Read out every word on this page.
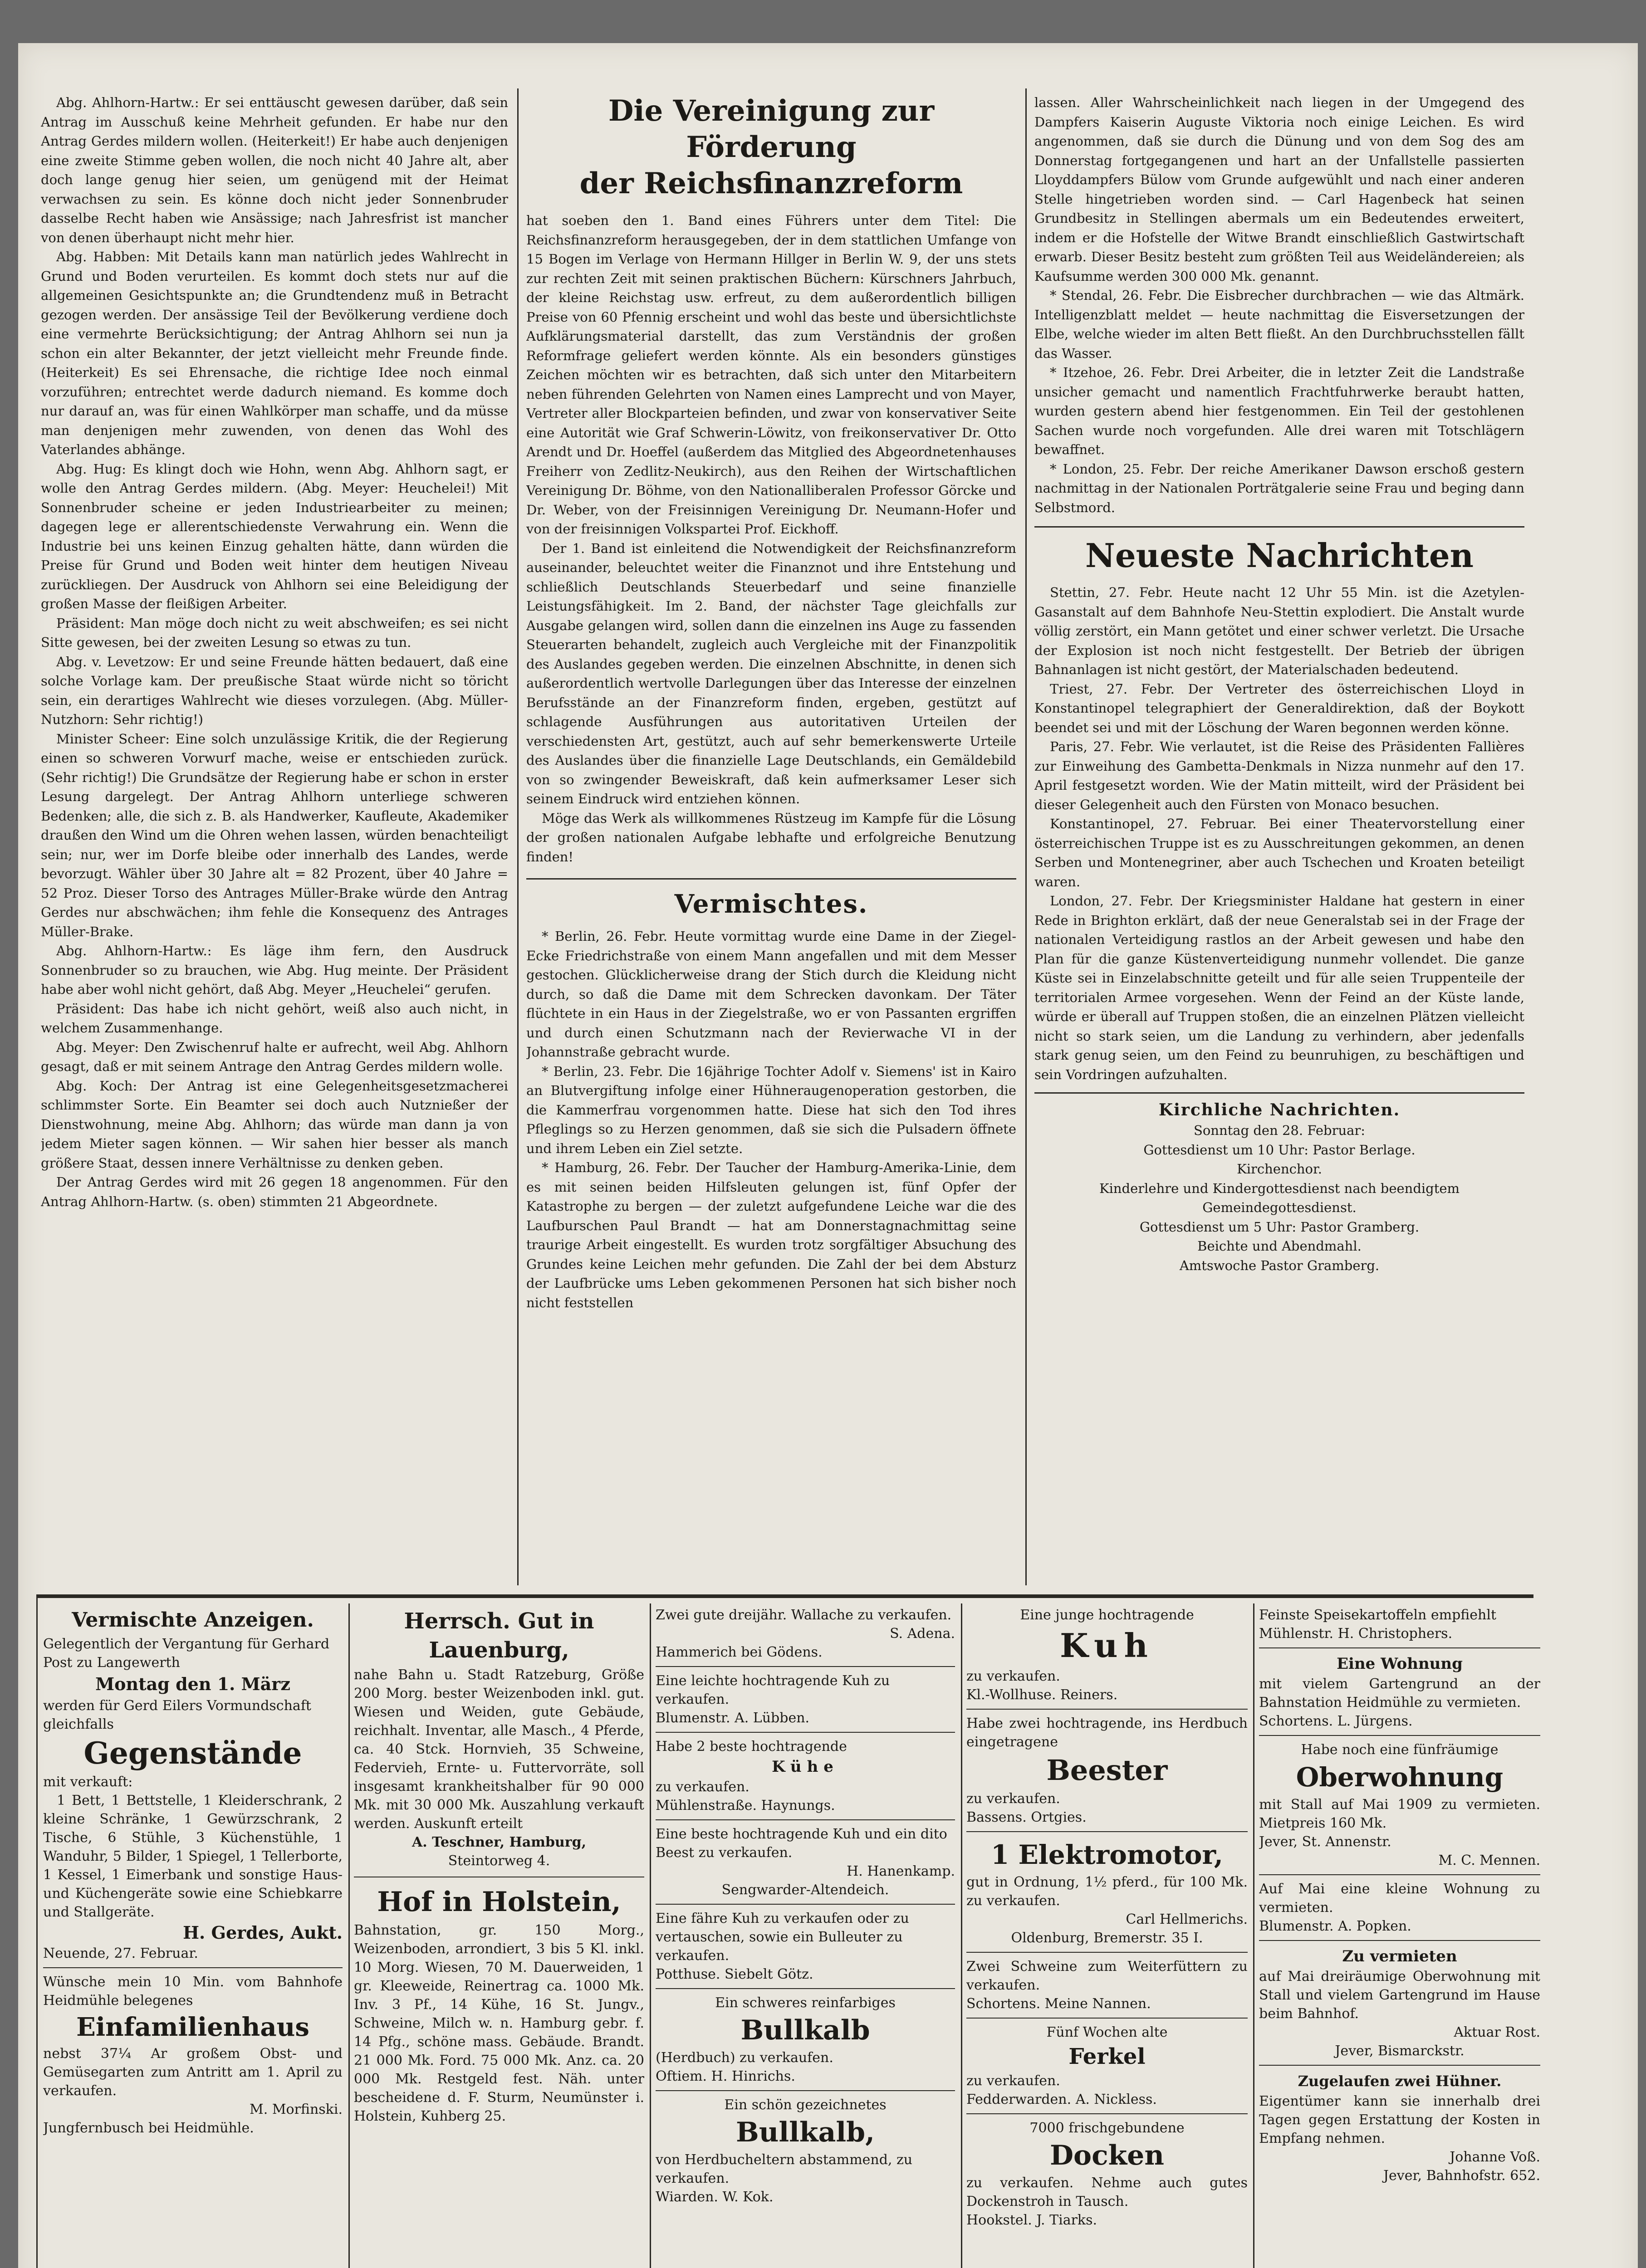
Abg. Ahlhorn-Hartw.: Er sei enttäuscht gewesen darüber, daß sein Antrag im Ausschuß keine Mehrheit gefunden. Er habe nur den Antrag Gerdes mildern wollen. (Heiterkeit!) Er habe auch denjenigen eine zweite Stimme geben wollen, die noch nicht 40 Jahre alt, aber doch lange genug hier seien, um genügend mit der Heimat verwachsen zu sein. Es könne doch nicht jeder Sonnenbruder dasselbe Recht haben wie Ansässige; nach Jahresfrist ist mancher von denen überhaupt nicht mehr hier.

Abg. Habben: Mit Details kann man natürlich jedes Wahlrecht in Grund und Boden verurteilen. Es kommt doch stets nur auf die allgemeinen Gesichtspunkte an; die Grundtendenz muß in Betracht gezogen werden. Der ansässige Teil der Bevölkerung verdiene doch eine vermehrte Berücksichtigung; der Antrag Ahlhorn sei nun ja schon ein alter Bekannter, der jetzt vielleicht mehr Freunde finde. (Heiterkeit) Es sei Ehrensache, die richtige Idee noch einmal vorzuführen; entrechtet werde dadurch niemand. Es komme doch nur darauf an, was für einen Wahlkörper man schaffe, und da müsse man denjenigen mehr zuwenden, von denen das Wohl des Vaterlandes abhänge.

Abg. Hug: Es klingt doch wie Hohn, wenn Abg. Ahlhorn sagt, er wolle den Antrag Gerdes mildern. (Abg. Meyer: Heuchelei!) Mit Sonnenbruder scheine er jeden Industriearbeiter zu meinen; dagegen lege er allerentschiedenste Verwahrung ein. Wenn die Industrie bei uns keinen Einzug gehalten hätte, dann würden die Preise für Grund und Boden weit hinter dem heutigen Niveau zurückliegen. Der Ausdruck von Ahlhorn sei eine Beleidigung der großen Masse der fleißigen Arbeiter.

Präsident: Man möge doch nicht zu weit abschweifen; es sei nicht Sitte gewesen, bei der zweiten Lesung so etwas zu tun.

Abg. v. Levetzow: Er und seine Freunde hätten bedauert, daß eine solche Vorlage kam. Der preußische Staat würde nicht so töricht sein, ein derartiges Wahlrecht wie dieses vorzulegen. (Abg. Müller-Nutzhorn: Sehr richtig!)

Minister Scheer: Eine solch unzulässige Kritik, die der Regierung einen so schweren Vorwurf mache, weise er entschieden zurück. (Sehr richtig!) Die Grundsätze der Regierung habe er schon in erster Lesung dargelegt. Der Antrag Ahlhorn unterliege schweren Bedenken; alle, die sich z. B. als Handwerker, Kaufleute, Akademiker draußen den Wind um die Ohren wehen lassen, würden benachteiligt sein; nur, wer im Dorfe bleibe oder innerhalb des Landes, werde bevorzugt. Wähler über 30 Jahre alt = 82 Prozent, über 40 Jahre = 52 Proz. Dieser Torso des Antrages Müller-Brake würde den Antrag Gerdes nur abschwächen; ihm fehle die Konsequenz des Antrages Müller-Brake.

Abg. Ahlhorn-Hartw.: Es läge ihm fern, den Ausdruck Sonnenbruder so zu brauchen, wie Abg. Hug meinte. Der Präsident habe aber wohl nicht gehört, daß Abg. Meyer „Heuchelei“ gerufen.

Präsident: Das habe ich nicht gehört, weiß also auch nicht, in welchem Zusammenhange.

Abg. Meyer: Den Zwischenruf halte er aufrecht, weil Abg. Ahlhorn gesagt, daß er mit seinem Antrage den Antrag Gerdes mildern wolle.

Abg. Koch: Der Antrag ist eine Gelegenheitsgesetzmacherei schlimmster Sorte. Ein Beamter sei doch auch Nutznießer der Dienstwohnung, meine Abg. Ahlhorn; das würde man dann ja von jedem Mieter sagen können. — Wir sahen hier besser als manch größere Staat, dessen innere Verhältnisse zu denken geben.

Der Antrag Gerdes wird mit 26 gegen 18 angenommen. Für den Antrag Ahlhorn-Hartw. (s. oben) stimmten 21 Abgeordnete.

Die Vereinigung zur Förderung

der Reichsfinanzreform

hat soeben den 1. Band eines Führers unter dem Titel: Die Reichsfinanzreform herausgegeben, der in dem stattlichen Umfange von 15 Bogen im Verlage von Hermann Hillger in Berlin W. 9, der uns stets zur rechten Zeit mit seinen praktischen Büchern: Kürschners Jahrbuch, der kleine Reichstag usw. erfreut, zu dem außerordentlich billigen Preise von 60 Pfennig erscheint und wohl das beste und übersichtlichste Aufklärungsmaterial darstellt, das zum Verständnis der großen Reformfrage geliefert werden könnte. Als ein besonders günstiges Zeichen möchten wir es betrachten, daß sich unter den Mitarbeitern neben führenden Gelehrten von Namen eines Lamprecht und von Mayer, Vertreter aller Blockparteien befinden, und zwar von konservativer Seite eine Autorität wie Graf Schwerin-Löwitz, von freikonservativer Dr. Otto Arendt und Dr. Hoeffel (außerdem das Mitglied des Abgeordnetenhauses Freiherr von Zedlitz-Neukirch), aus den Reihen der Wirtschaftlichen Vereinigung Dr. Böhme, von den Nationalliberalen Professor Görcke und Dr. Weber, von der Freisinnigen Vereinigung Dr. Neumann-Hofer und von der freisinnigen Volkspartei Prof. Eickhoff.

Der 1. Band ist einleitend die Notwendigkeit der Reichsfinanzreform auseinander, beleuchtet weiter die Finanznot und ihre Entstehung und schließlich Deutschlands Steuerbedarf und seine finanzielle Leistungsfähigkeit. Im 2. Band, der nächster Tage gleichfalls zur Ausgabe gelangen wird, sollen dann die einzelnen ins Auge zu fassenden Steuerarten behandelt, zugleich auch Vergleiche mit der Finanzpolitik des Auslandes gegeben werden. Die einzelnen Abschnitte, in denen sich außerordentlich wertvolle Darlegungen über das Interesse der einzelnen Berufsstände an der Finanzreform finden, ergeben, gestützt auf schlagende Ausführungen aus autoritativen Urteilen der verschiedensten Art, gestützt, auch auf sehr bemerkenswerte Urteile des Auslandes über die finanzielle Lage Deutschlands, ein Gemäldebild von so zwingender Beweiskraft, daß kein aufmerksamer Leser sich seinem Eindruck wird entziehen können.

Möge das Werk als willkommenes Rüstzeug im Kampfe für die Lösung der großen nationalen Aufgabe lebhafte und erfolgreiche Benutzung finden!

Vermischtes.

* Berlin, 26. Febr. Heute vormittag wurde eine Dame in der Ziegel- Ecke Friedrichstraße von einem Mann angefallen und mit dem Messer gestochen. Glücklicherweise drang der Stich durch die Kleidung nicht durch, so daß die Dame mit dem Schrecken davonkam. Der Täter flüchtete in ein Haus in der Ziegelstraße, wo er von Passanten ergriffen und durch einen Schutzmann nach der Revierwache VI in der Johannstraße gebracht wurde.

* Berlin, 23. Febr. Die 16jährige Tochter Adolf v. Siemens' ist in Kairo an Blutvergiftung infolge einer Hühneraugenoperation gestorben, die die Kammerfrau vorgenommen hatte. Diese hat sich den Tod ihres Pfleglings so zu Herzen genommen, daß sie sich die Pulsadern öffnete und ihrem Leben ein Ziel setzte.

* Hamburg, 26. Febr. Der Taucher der Hamburg-Amerika-Linie, dem es mit seinen beiden Hilfsleuten gelungen ist, fünf Opfer der Katastrophe zu bergen — der zuletzt aufgefundene Leiche war die des Laufburschen Paul Brandt — hat am Donnerstagnachmittag seine traurige Arbeit eingestellt. Es wurden trotz sorgfältiger Absuchung des Grundes keine Leichen mehr gefunden. Die Zahl der bei dem Absturz der Laufbrücke ums Leben gekommenen Personen hat sich bisher noch nicht feststellen

lassen. Aller Wahrscheinlichkeit nach liegen in der Umgegend des Dampfers Kaiserin Auguste Viktoria noch einige Leichen. Es wird angenommen, daß sie durch die Dünung und von dem Sog des am Donnerstag fortgegangenen und hart an der Unfallstelle passierten Lloyddampfers Bülow vom Grunde aufgewühlt und nach einer anderen Stelle hingetrieben worden sind. — Carl Hagenbeck hat seinen Grundbesitz in Stellingen abermals um ein Bedeutendes erweitert, indem er die Hofstelle der Witwe Brandt einschließlich Gastwirtschaft erwarb. Dieser Besitz besteht zum größten Teil aus Weideländereien; als Kaufsumme werden 300 000 Mk. genannt.

* Stendal, 26. Febr. Die Eisbrecher durchbrachen — wie das Altmärk. Intelligenzblatt meldet — heute nachmittag die Eisversetzungen der Elbe, welche wieder im alten Bett fließt. An den Durchbruchsstellen fällt das Wasser.

* Itzehoe, 26. Febr. Drei Arbeiter, die in letzter Zeit die Landstraße unsicher gemacht und namentlich Frachtfuhrwerke beraubt hatten, wurden gestern abend hier festgenommen. Ein Teil der gestohlenen Sachen wurde noch vorgefunden. Alle drei waren mit Totschlägern bewaffnet.

* London, 25. Febr. Der reiche Amerikaner Dawson erschoß gestern nachmittag in der Nationalen Porträtgalerie seine Frau und beging dann Selbstmord.

Neueste Nachrichten

Stettin, 27. Febr. Heute nacht 12 Uhr 55 Min. ist die Azetylen-Gasanstalt auf dem Bahnhofe Neu-Stettin explodiert. Die Anstalt wurde völlig zerstört, ein Mann getötet und einer schwer verletzt. Die Ursache der Explosion ist noch nicht festgestellt. Der Betrieb der übrigen Bahnanlagen ist nicht gestört, der Materialschaden bedeutend.

Triest, 27. Febr. Der Vertreter des österreichischen Lloyd in Konstantinopel telegraphiert der Generaldirektion, daß der Boykott beendet sei und mit der Löschung der Waren begonnen werden könne.

Paris, 27. Febr. Wie verlautet, ist die Reise des Präsidenten Fallières zur Einweihung des Gambetta-Denkmals in Nizza nunmehr auf den 17. April festgesetzt worden. Wie der Matin mitteilt, wird der Präsident bei dieser Gelegenheit auch den Fürsten von Monaco besuchen.

Konstantinopel, 27. Februar. Bei einer Theatervorstellung einer österreichischen Truppe ist es zu Ausschreitungen gekommen, an denen Serben und Montenegriner, aber auch Tschechen und Kroaten beteiligt waren.

London, 27. Febr. Der Kriegsminister Haldane hat gestern in einer Rede in Brighton erklärt, daß der neue Generalstab sei in der Frage der nationalen Verteidigung rastlos an der Arbeit gewesen und habe den Plan für die ganze Küstenverteidigung nunmehr vollendet. Die ganze Küste sei in Einzelabschnitte geteilt und für alle seien Truppenteile der territorialen Armee vorgesehen. Wenn der Feind an der Küste lande, würde er überall auf Truppen stoßen, die an einzelnen Plätzen vielleicht nicht so stark seien, um die Landung zu verhindern, aber jedenfalls stark genug seien, um den Feind zu beunruhigen, zu beschäftigen und sein Vordringen aufzuhalten.

Kirchliche Nachrichten.

Sonntag den 28. Februar:

Gottesdienst um 10 Uhr: Pastor Berlage.

Kirchenchor.

Kinderlehre und Kindergottesdienst nach beendigtem Gemeindegottesdienst.

Gottesdienst um 5 Uhr: Pastor Gramberg.

Beichte und Abendmahl.

Amtswoche Pastor Gramberg.

Vermischte Anzeigen.

Gelegentlich der Vergantung für Gerhard Post zu Langewerth

Montag den 1. März

werden für Gerd Eilers Vormundschaft gleichfalls

Gegenstände

mit verkauft:

1 Bett, 1 Bettstelle, 1 Kleiderschrank, 2 kleine Schränke, 1 Gewürzschrank, 2 Tische, 6 Stühle, 3 Küchenstühle, 1 Wanduhr, 5 Bilder, 1 Spiegel, 1 Tellerborte, 1 Kessel, 1 Eimerbank und sonstige Haus- und Küchengeräte sowie eine Schiebkarre und Stallgeräte.

H. Gerdes, Aukt.

Neuende, 27. Februar.

Wünsche mein 10 Min. vom Bahnhofe Heidmühle belegenes

Einfamilienhaus

nebst 37¼ Ar großem Obst- und Gemüsegarten zum Antritt am 1. April zu verkaufen.

M. Morfinski.

Jungfernbusch bei Heidmühle.

Herrsch. Gut in Lauenburg,

nahe Bahn u. Stadt Ratzeburg, Größe 200 Morg. bester Weizenboden inkl. gut. Wiesen und Weiden, gute Gebäude, reichhalt. Inventar, alle Masch., 4 Pferde, ca. 40 Stck. Hornvieh, 35 Schweine, Federvieh, Ernte- u. Futtervorräte, soll insgesamt krankheitshalber für 90 000 Mk. mit 30 000 Mk. Auszahlung verkauft werden. Auskunft erteilt

A. Teschner, Hamburg,

Steintorweg 4.

Hof in Holstein,

Bahnstation, gr. 150 Morg., Weizenboden, arrondiert, 3 bis 5 Kl. inkl. 10 Morg. Wiesen, 70 M. Dauerweiden, 1 gr. Kleeweide, Reinertrag ca. 1000 Mk. Inv. 3 Pf., 14 Kühe, 16 St. Jungv., Schweine, Milch w. n. Hamburg gebr. f. 14 Pfg., schöne mass. Gebäude. Brandt. 21 000 Mk. Ford. 75 000 Mk. Anz. ca. 20 000 Mk. Restgeld fest. Näh. unter bescheidene d. F. Sturm, Neumünster i. Holstein, Kuhberg 25.

Zwei gute dreijähr. Wallache zu verkaufen.

S. Adena.

Hammerich bei Gödens.

Eine leichte hochtragende Kuh zu verkaufen.

Blumenstr. A. Lübben.

Habe 2 beste hochtragende

Kühe

zu verkaufen.

Mühlenstraße. Haynungs.

Eine beste hochtragende Kuh und ein dito Beest zu verkaufen.

H. Hanenkamp.

Sengwarder-Altendeich.

Eine fähre Kuh zu verkaufen oder zu vertauschen, sowie ein Bulleuter zu verkaufen.

Potthuse. Siebelt Götz.

Ein schweres reinfarbiges

Bullkalb

(Herdbuch) zu verkaufen.

Oftiem. H. Hinrichs.

Ein schön gezeichnetes

Bullkalb,

von Herdbucheltern abstammend, zu verkaufen.

Wiarden. W. Kok.

Eine junge hochtragende

Kuh

zu verkaufen.

Kl.-Wollhuse. Reiners.

Habe zwei hochtragende, ins Herdbuch eingetragene

Beester

zu verkaufen.

Bassens. Ortgies.

1 Elektromotor,

gut in Ordnung, 1½ pferd., für 100 Mk. zu verkaufen.

Carl Hellmerichs.

Oldenburg, Bremerstr. 35 I.

Zwei Schweine zum Weiterfüttern zu verkaufen.

Schortens. Meine Nannen.

Fünf Wochen alte

Ferkel

zu verkaufen.

Fedderwarden. A. Nickless.

7000 frischgebundene

Docken

zu verkaufen. Nehme auch gutes Dockenstroh in Tausch.

Hookstel. J. Tiarks.

Feinste Speisekartoffeln empfiehlt

Mühlenstr. H. Christophers.

Eine Wohnung

mit vielem Gartengrund an der Bahnstation Heidmühle zu vermieten.

Schortens. L. Jürgens.

Habe noch eine fünfräumige

Oberwohnung

mit Stall auf Mai 1909 zu vermieten. Mietpreis 160 Mk.

Jever, St. Annenstr.

M. C. Mennen.

Auf Mai eine kleine Wohnung zu vermieten.

Blumenstr. A. Popken.

Zu vermieten

auf Mai dreiräumige Oberwohnung mit Stall und vielem Gartengrund im Hause beim Bahnhof.

Aktuar Rost.

Jever, Bismarckstr.

Zugelaufen zwei Hühner.

Eigentümer kann sie innerhalb drei Tagen gegen Erstattung der Kosten in Empfang nehmen.

Johanne Voß.

Jever, Bahnhofstr. 652.
